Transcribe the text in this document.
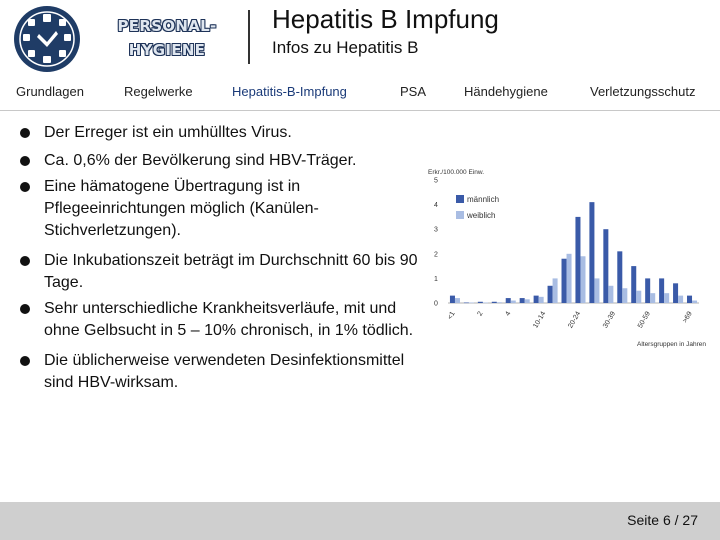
PERSONAL-
HYGIENE
Hepatitis B Impfung
Infos zu Hepatitis B
Grundlagen	Regelwerke	Hepatitis-B-Impfung	PSA	Händehygiene	Verletzungsschutz
Der Erreger ist ein umhülltes Virus.
Ca. 0,6% der Bevölkerung sind HBV-Träger.
Eine hämatogene Übertragung ist in Pflegeeinrichtungen möglich (Kanülen-Stichverletzungen).
Die Inkubationszeit beträgt im Durchschnitt 60 bis 90 Tage.
Sehr unterschiedliche Krankheitsverläufe, mit und ohne Gelbsucht in 5 – 10% chronisch, in 1% tödlich.
Die üblicherweise verwendeten Desinfektionsmittel sind HBV-wirksam.
Erkr./100.000 Einw.
Altersgruppen in Jahren
männlich
weiblich
0
1
2
3
4
5
<1	2	4	10-14	20-24	30-39	50-59	>69
Seite 6 / 27
